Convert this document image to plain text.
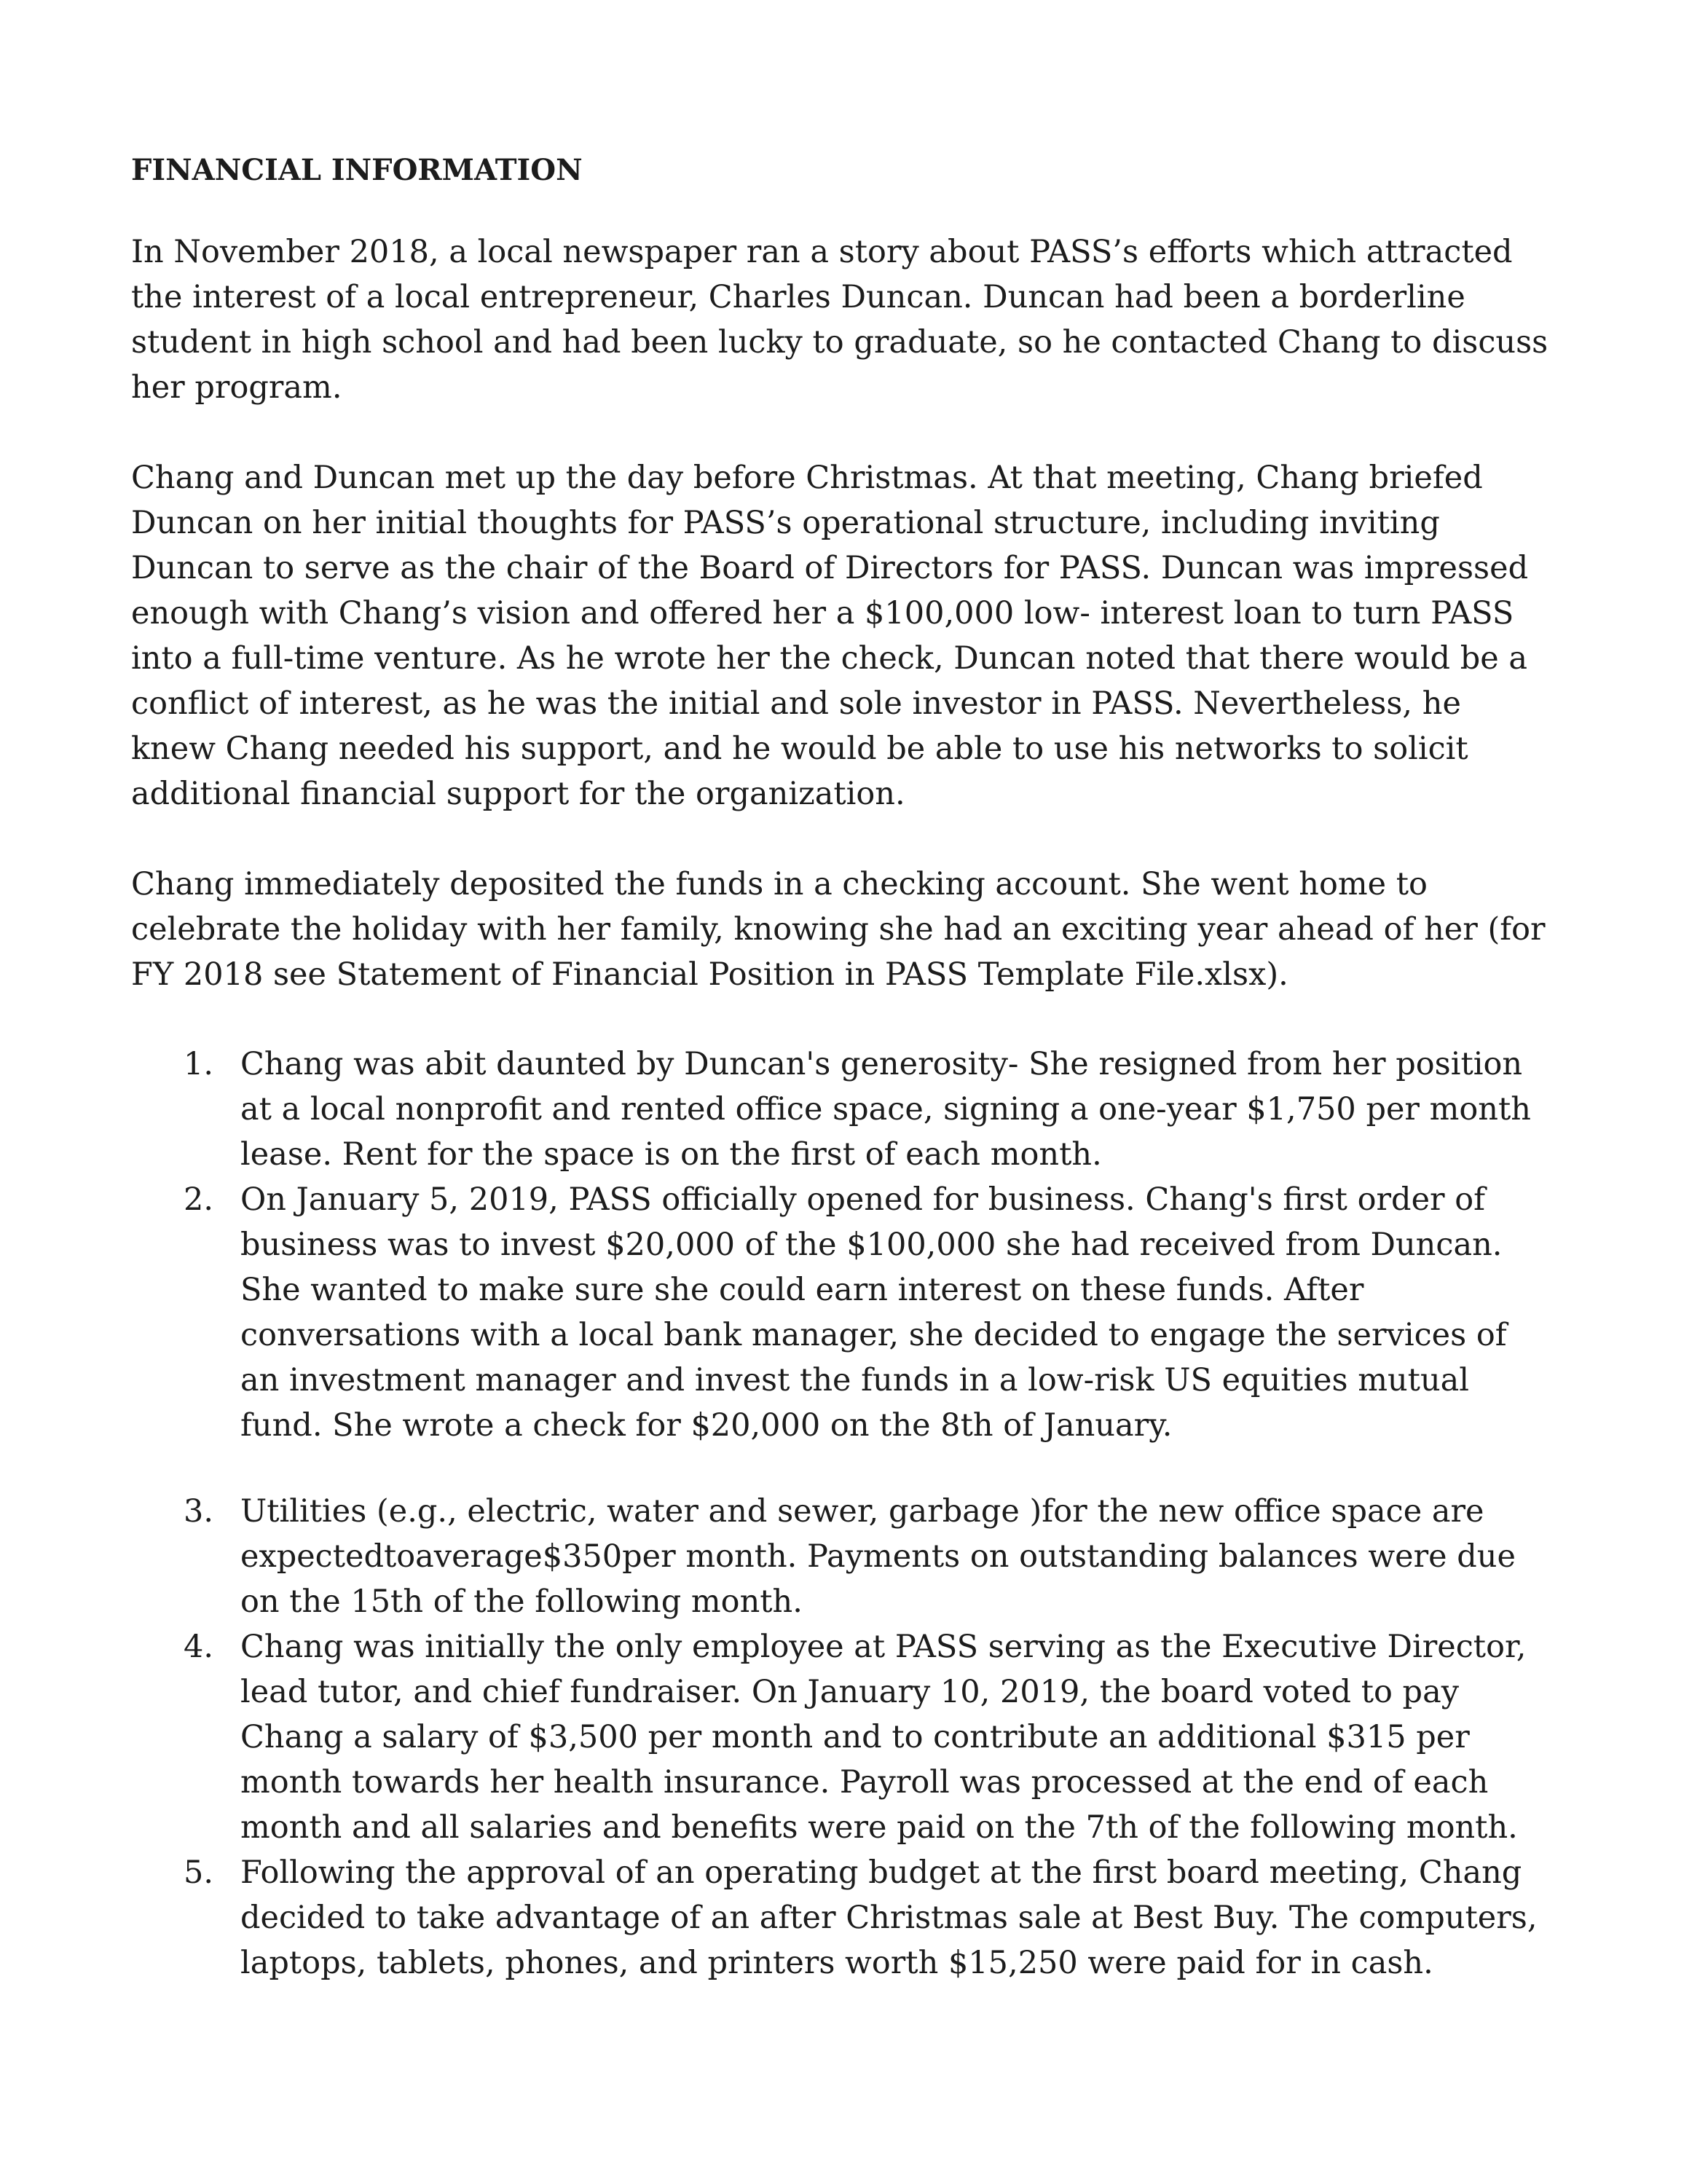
FINANCIAL INFORMATION

In November 2018, a local newspaper ran a story about PASS’s efforts which attracted the interest of a local entrepreneur, Charles Duncan. Duncan had been a borderline student in high school and had been lucky to graduate, so he contacted Chang to discuss her program.

Chang and Duncan met up the day before Christmas. At that meeting, Chang briefed Duncan on her initial thoughts for PASS’s operational structure, including inviting Duncan to serve as the chair of the Board of Directors for PASS. Duncan was impressed enough with Chang’s vision and offered her a $100,000 low- interest loan to turn PASS into a full-time venture. As he wrote her the check, Duncan noted that there would be a conflict of interest, as he was the initial and sole investor in PASS. Nevertheless, he knew Chang needed his support, and he would be able to use his networks to solicit additional financial support for the organization.

Chang immediately deposited the funds in a checking account. She went home to celebrate the holiday with her family, knowing she had an exciting year ahead of her (for FY 2018 see Statement of Financial Position in PASS Template File.xlsx).

1. Chang was abit daunted by Duncan's generosity- She resigned from her position at a local nonprofit and rented office space, signing a one-year $1,750 per month lease. Rent for the space is on the first of each month.
2. On January 5, 2019, PASS officially opened for business. Chang's first order of business was to invest $20,000 of the $100,000 she had received from Duncan. She wanted to make sure she could earn interest on these funds. After conversations with a local bank manager, she decided to engage the services of an investment manager and invest the funds in a low-risk US equities mutual fund. She wrote a check for $20,000 on the 8th of January.
3. Utilities (e.g., electric, water and sewer, garbage )for the new office space are expectedtoaverage$350per month. Payments on outstanding balances were due on the 15th of the following month.
4. Chang was initially the only employee at PASS serving as the Executive Director, lead tutor, and chief fundraiser. On January 10, 2019, the board voted to pay Chang a salary of $3,500 per month and to contribute an additional $315 per month towards her health insurance. Payroll was processed at the end of each month and all salaries and benefits were paid on the 7th of the following month.
5. Following the approval of an operating budget at the first board meeting, Chang decided to take advantage of an after Christmas sale at Best Buy. The computers, laptops, tablets, phones, and printers worth $15,250 were paid for in cash.
